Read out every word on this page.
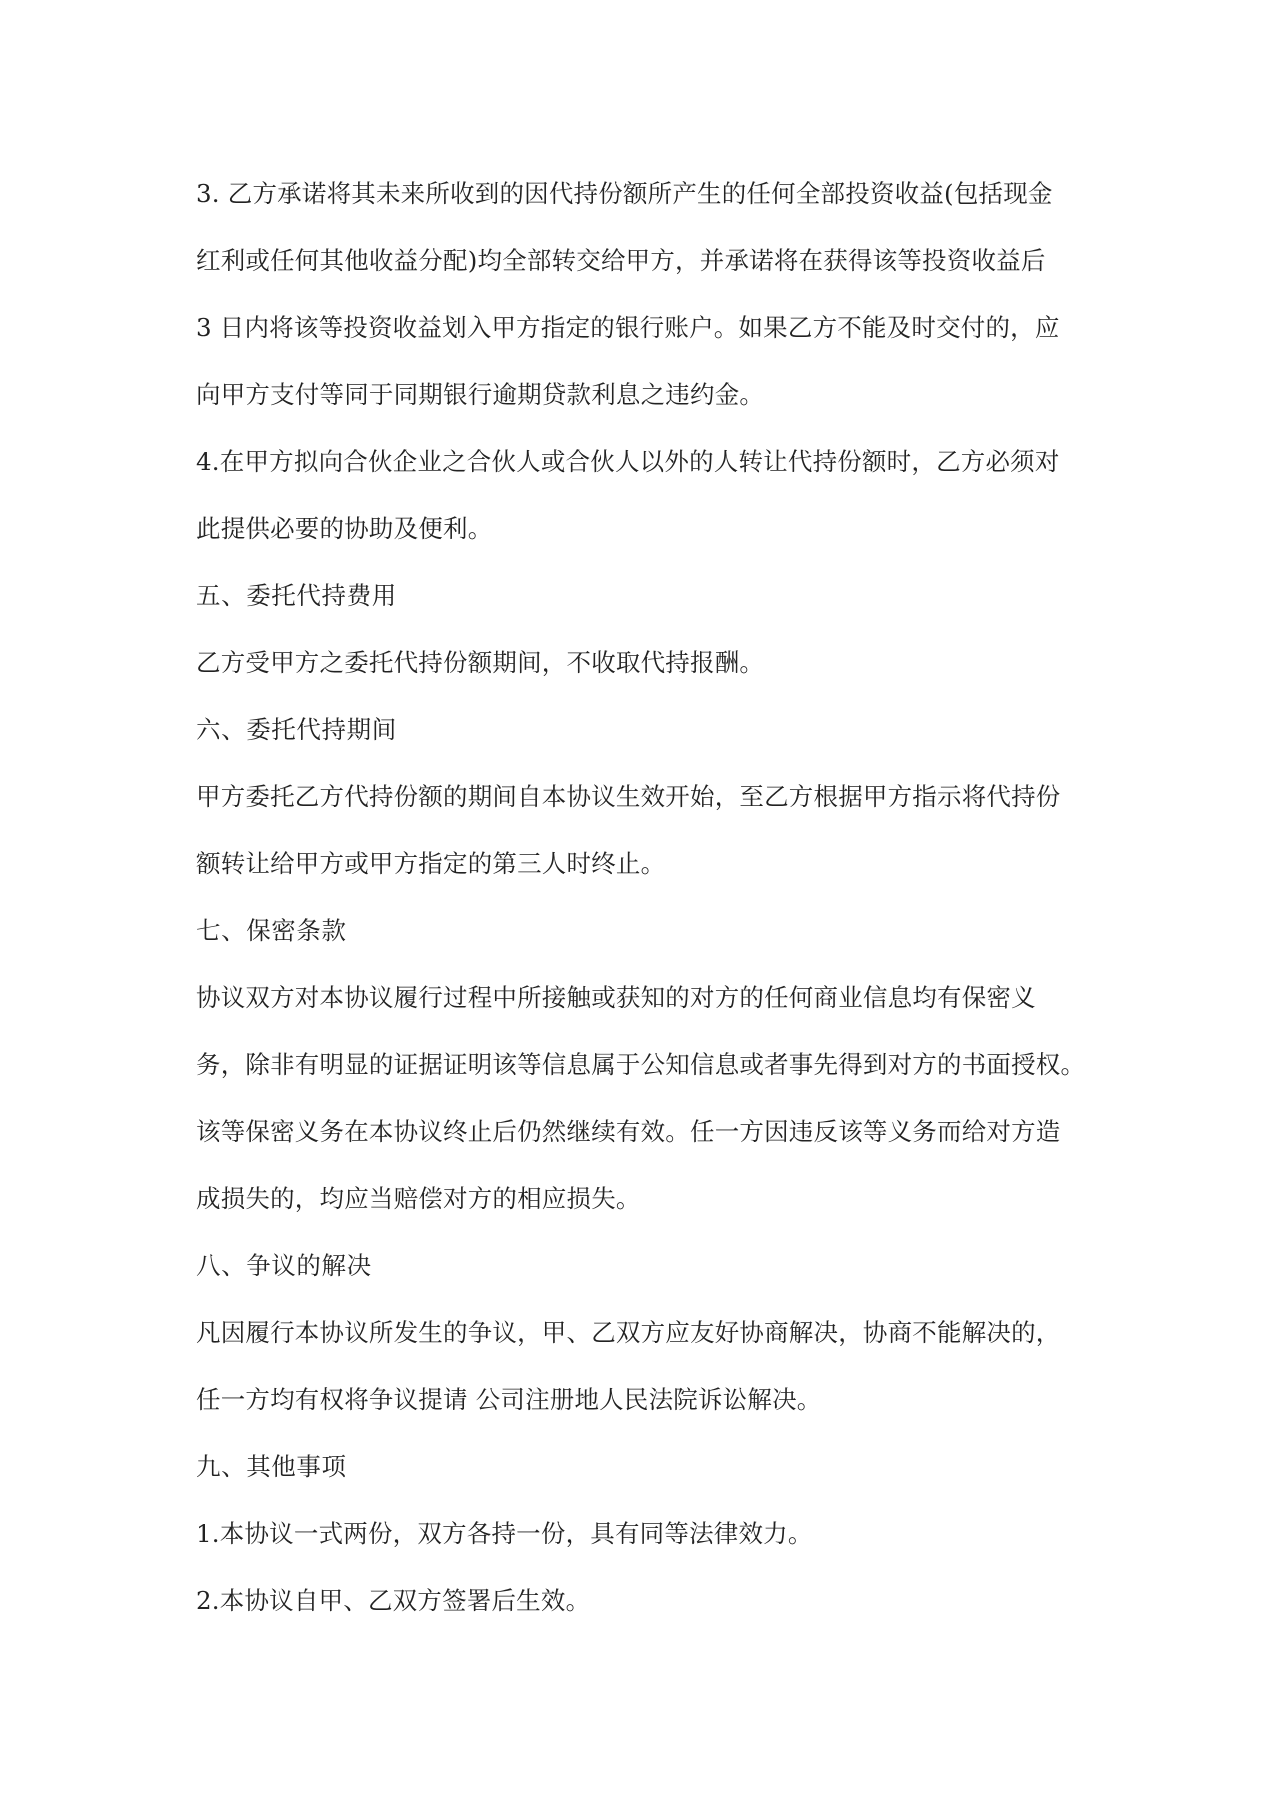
3. 乙方承诺将其未来所收到的因代持份额所产生的任何全部投资收益(包括现金
红利或任何其他收益分配)均全部转交给甲方，并承诺将在获得该等投资收益后
3 日内将该等投资收益划入甲方指定的银行账户。如果乙方不能及时交付的，应
向甲方支付等同于同期银行逾期贷款利息之违约金。
4.在甲方拟向合伙企业之合伙人或合伙人以外的人转让代持份额时，乙方必须对
此提供必要的协助及便利。
五、委托代持费用
乙方受甲方之委托代持份额期间，不收取代持报酬。
六、委托代持期间
甲方委托乙方代持份额的期间自本协议生效开始，至乙方根据甲方指示将代持份
额转让给甲方或甲方指定的第三人时终止。
七、保密条款
协议双方对本协议履行过程中所接触或获知的对方的任何商业信息均有保密义
务，除非有明显的证据证明该等信息属于公知信息或者事先得到对方的书面授权。
该等保密义务在本协议终止后仍然继续有效。任一方因违反该等义务而给对方造
成损失的，均应当赔偿对方的相应损失。
八、争议的解决
凡因履行本协议所发生的争议，甲、乙双方应友好协商解决，协商不能解决的，
任一方均有权将争议提请 公司注册地人民法院诉讼解决。
九、其他事项
1.本协议一式两份，双方各持一份，具有同等法律效力。
2.本协议自甲、乙双方签署后生效。
